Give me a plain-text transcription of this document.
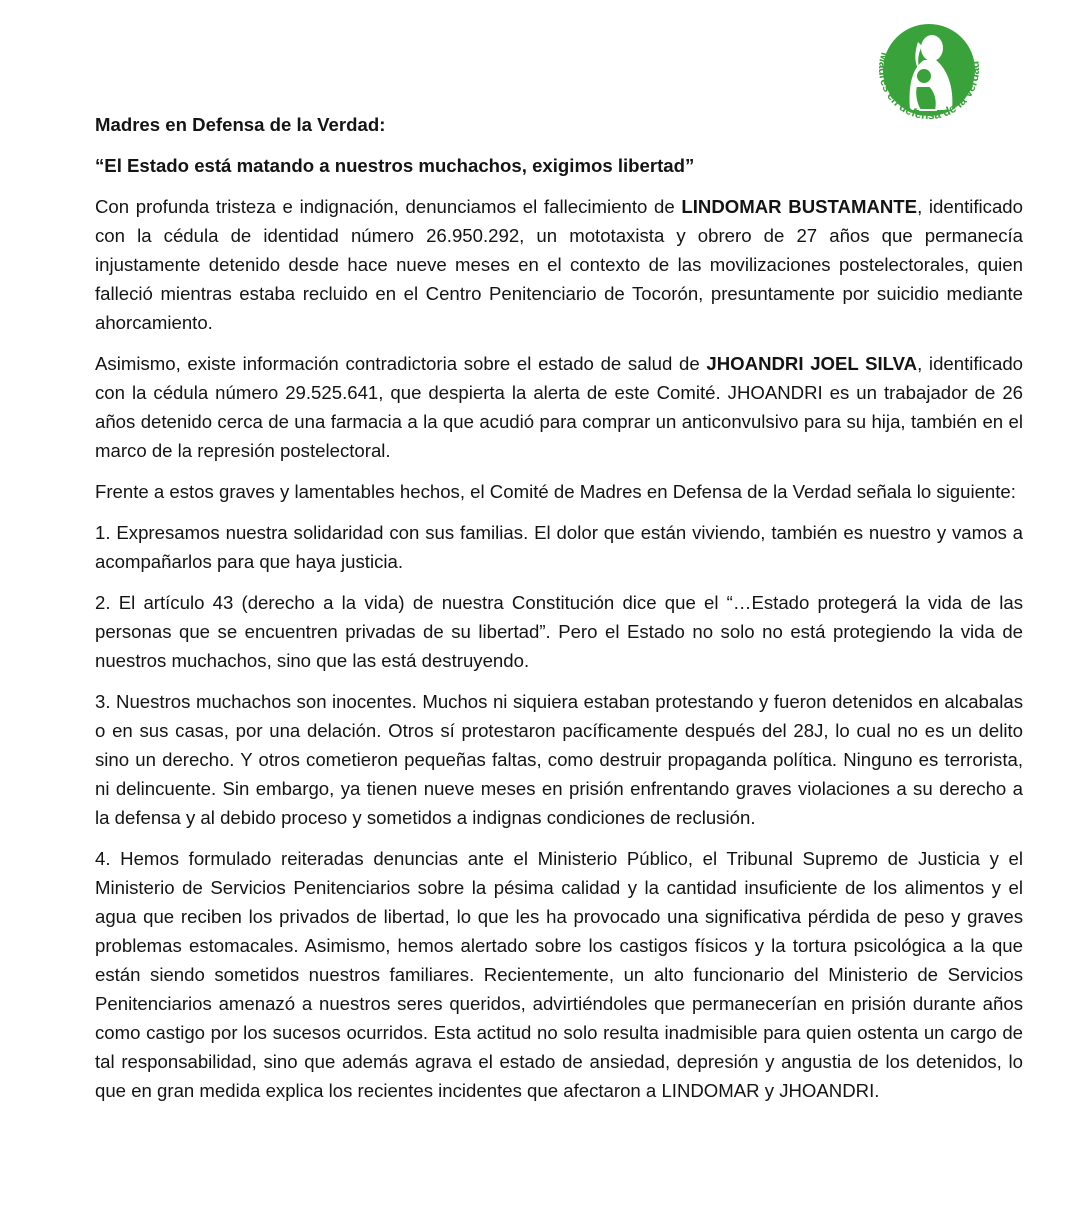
Madres en defensa de la Verdad

Madres en Defensa de la Verdad:

“El Estado está matando a nuestros muchachos, exigimos libertad”

Con profunda tristeza e indignación, denunciamos el fallecimiento de LINDOMAR BUSTAMANTE, identificado con la cédula de identidad número 26.950.292, un mototaxista y obrero de 27 años que permanecía injustamente detenido desde hace nueve meses en el contexto de las movilizaciones postelectorales, quien falleció mientras estaba recluido en el Centro Penitenciario de Tocorón, presuntamente por suicidio mediante ahorcamiento.

Asimismo, existe información contradictoria sobre el estado de salud de JHOANDRI JOEL SILVA, identificado con la cédula número 29.525.641, que despierta la alerta de este Comité. JHOANDRI es un trabajador de 26 años detenido cerca de una farmacia a la que acudió para comprar un anticonvulsivo para su hija, también en el marco de la represión postelectoral.

Frente a estos graves y lamentables hechos, el Comité de Madres en Defensa de la Verdad señala lo siguiente:

1. Expresamos nuestra solidaridad con sus familias. El dolor que están viviendo, también es nuestro y vamos a acompañarlos para que haya justicia.

2. El artículo 43 (derecho a la vida) de nuestra Constitución dice que el “…Estado protegerá la vida de las personas que se encuentren privadas de su libertad”. Pero el Estado no solo no está protegiendo la vida de nuestros muchachos, sino que las está destruyendo.

3. Nuestros muchachos son inocentes. Muchos ni siquiera estaban protestando y fueron detenidos en alcabalas o en sus casas, por una delación. Otros sí protestaron pacíficamente después del 28J, lo cual no es un delito sino un derecho. Y otros cometieron pequeñas faltas, como destruir propaganda política. Ninguno es terrorista, ni delincuente. Sin embargo, ya tienen nueve meses en prisión enfrentando graves violaciones a su derecho a la defensa y al debido proceso y sometidos a indignas condiciones de reclusión.

4. Hemos formulado reiteradas denuncias ante el Ministerio Público, el Tribunal Supremo de Justicia y el Ministerio de Servicios Penitenciarios sobre la pésima calidad y la cantidad insuficiente de los alimentos y el agua que reciben los privados de libertad, lo que les ha provocado una significativa pérdida de peso y graves problemas estomacales. Asimismo, hemos alertado sobre los castigos físicos y la tortura psicológica a la que están siendo sometidos nuestros familiares. Recientemente, un alto funcionario del Ministerio de Servicios Penitenciarios amenazó a nuestros seres queridos, advirtiéndoles que permanecerían en prisión durante años como castigo por los sucesos ocurridos. Esta actitud no solo resulta inadmisible para quien ostenta un cargo de tal responsabilidad, sino que además agrava el estado de ansiedad, depresión y angustia de los detenidos, lo que en gran medida explica los recientes incidentes que afectaron a LINDOMAR y JHOANDRI.
